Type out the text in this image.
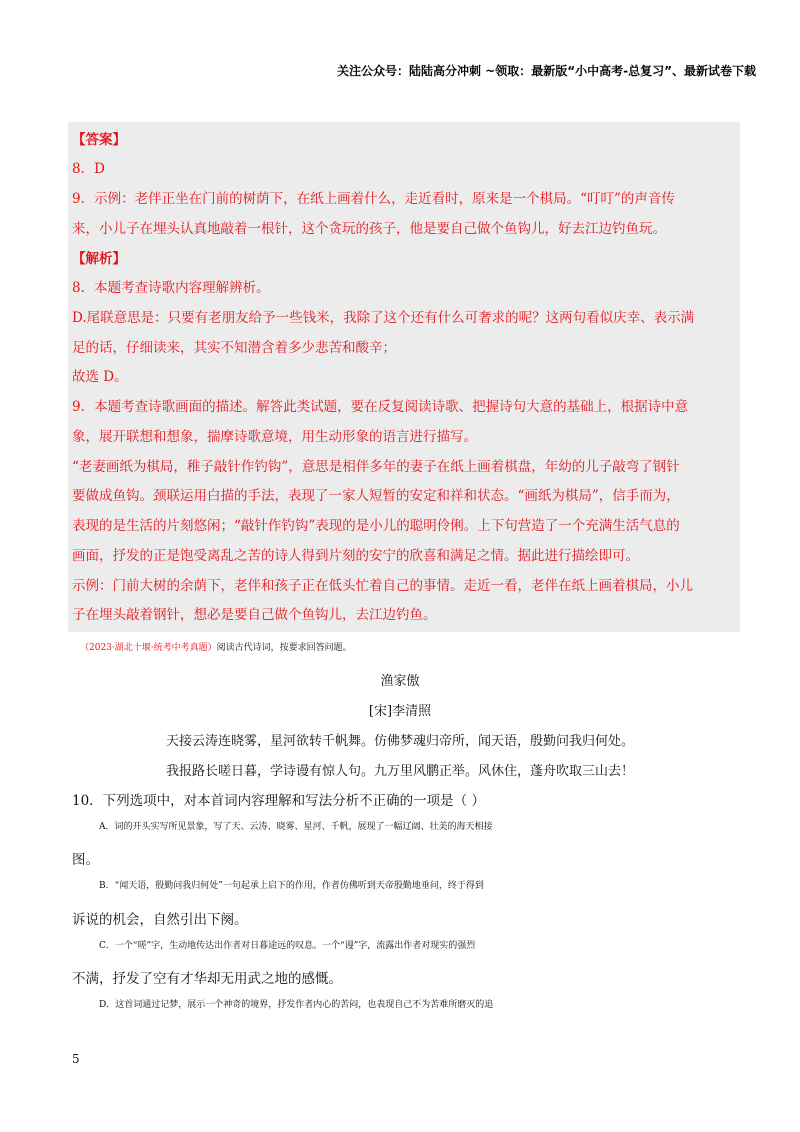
关注公众号：陆陆高分冲刺 ~领取：最新版“小中高考-总复习”、最新试卷下载
【答案】
8．D
9．示例：老伴正坐在门前的树荫下，在纸上画着什么，走近看时，原来是一个棋局。“叮叮”的声音传
来，小儿子在埋头认真地敲着一根针，这个贪玩的孩子，他是要自己做个鱼钩儿，好去江边钓鱼玩。
【解析】
8．本题考查诗歌内容理解辨析。
D.尾联意思是：只要有老朋友给予一些钱米，我除了这个还有什么可奢求的呢？这两句看似庆幸、表示满
足的话，仔细读来，其实不知潜含着多少悲苦和酸辛；
故选 D。
9．本题考查诗歌画面的描述。解答此类试题，要在反复阅读诗歌、把握诗句大意的基础上，根据诗中意
象，展开联想和想象，揣摩诗歌意境，用生动形象的语言进行描写。
“老妻画纸为棋局，稚子敲针作钓钩”，意思是相伴多年的妻子在纸上画着棋盘，年幼的儿子敲弯了钢针
要做成鱼钩。颈联运用白描的手法，表现了一家人短暂的安定和祥和状态。“画纸为棋局”，信手而为，
表现的是生活的片刻悠闲；“敲针作钓钩”表现的是小儿的聪明伶俐。上下句营造了一个充满生活气息的
画面，抒发的正是饱受离乱之苦的诗人得到片刻的安宁的欣喜和满足之情。据此进行描绘即可。
示例：门前大树的余荫下，老伴和孩子正在低头忙着自己的事情。走近一看，老伴在纸上画着棋局，小儿
子在埋头敲着钢针，想必是要自己做个鱼钩儿，去江边钓鱼。
（2023·湖北十堰·统考中考真题）阅读古代诗词，按要求回答问题。
渔家傲
[宋]李清照
天接云涛连晓雾，星河欲转千帆舞。仿佛梦魂归帝所，闻天语，殷勤问我归何处。
我报路长嗟日暮，学诗谩有惊人句。九万里风鹏正举。风休住，蓬舟吹取三山去！
10．下列选项中，对本首词内容理解和写法分析不正确的一项是（ ）
A．词的开头实写所见景象，写了天、云涛、晓雾、星河、千帆，展现了一幅辽阔、壮美的海天相接
图。
B．“闻天语，殷勤问我归何处”一句起承上启下的作用，作者仿佛听到天帝殷勤地垂问，终于得到
诉说的机会，自然引出下阕。
C．一个“嗟”字，生动地传达出作者对日暮途远的叹息。一个“谩”字，流露出作者对现实的强烈
不满，抒发了空有才华却无用武之地的感慨。
D．这首词通过记梦，展示一个神奇的境界，抒发作者内心的苦闷，也表现自己不为苦难所磨灭的追
5
